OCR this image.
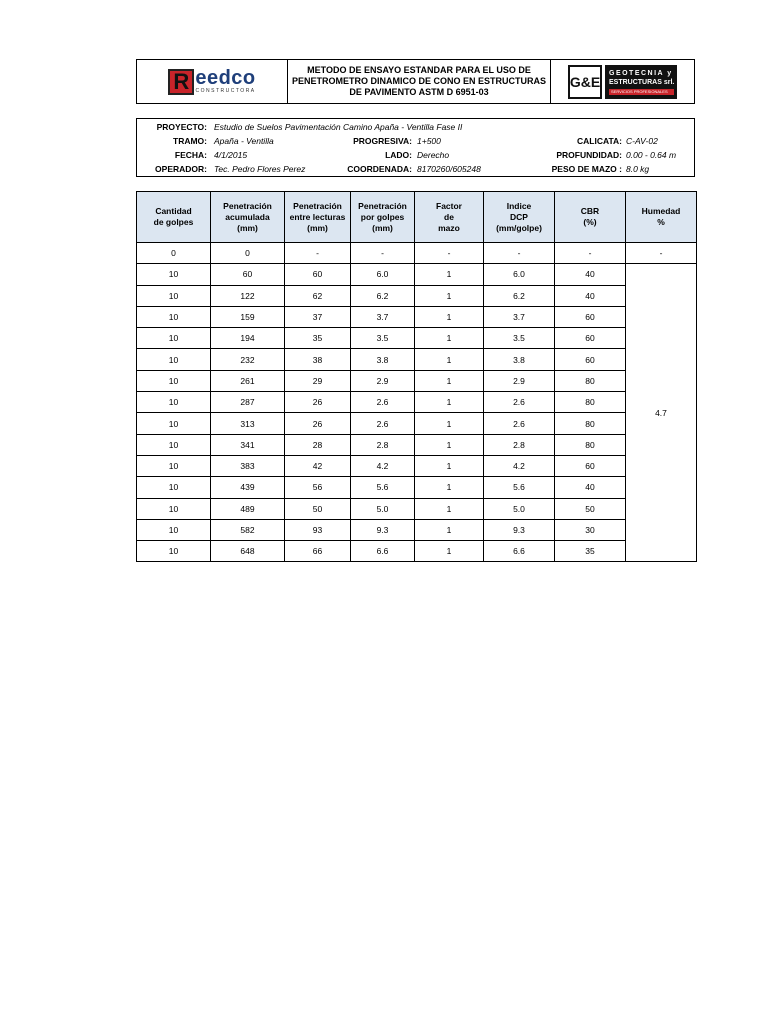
R eedco
CONSTRUCTORA
METODO DE ENSAYO ESTANDAR PARA EL USO DE
PENETROMETRO DINAMICO DE CONO EN ESTRUCTURAS
DE PAVIMENTO ASTM D 6951-03
G&E
GEOTECNIA y
ESTRUCTURAS srl.
SERVICIOS PROFESIONALES
PROYECTO: Estudio de Suelos Pavimentación Camino Apaña - Ventilla Fase II
TRAMO: Apaña - Ventilla	PROGRESIVA: 1+500	CALICATA: C-AV-02
FECHA: 4/1/2015	LADO: Derecho	PROFUNDIDAD: 0.00 - 0.64 m
OPERADOR: Tec. Pedro Flores Perez	COORDENADA: 8170260/605248	PESO DE MAZO : 8.0 kg
Cantidad
de golpes	Penetración
acumulada
(mm)	Penetración
entre lecturas
(mm)	Penetración
por golpes
(mm)	Factor
de
mazo	Indice
DCP
(mm/golpe)	CBR
(%)	Humedad
%
0	0	-	-	-	-	-	-
10	60	60	6.0	1	6.0	40	4.7
10	122	62	6.2	1	6.2	40	
10	159	37	3.7	1	3.7	60	
10	194	35	3.5	1	3.5	60	
10	232	38	3.8	1	3.8	60	
10	261	29	2.9	1	2.9	80	
10	287	26	2.6	1	2.6	80	
10	313	26	2.6	1	2.6	80	
10	341	28	2.8	1	2.8	80	
10	383	42	4.2	1	4.2	60	
10	439	56	5.6	1	5.6	40	
10	489	50	5.0	1	5.0	50	
10	582	93	9.3	1	9.3	30	
10	648	66	6.6	1	6.6	35	
